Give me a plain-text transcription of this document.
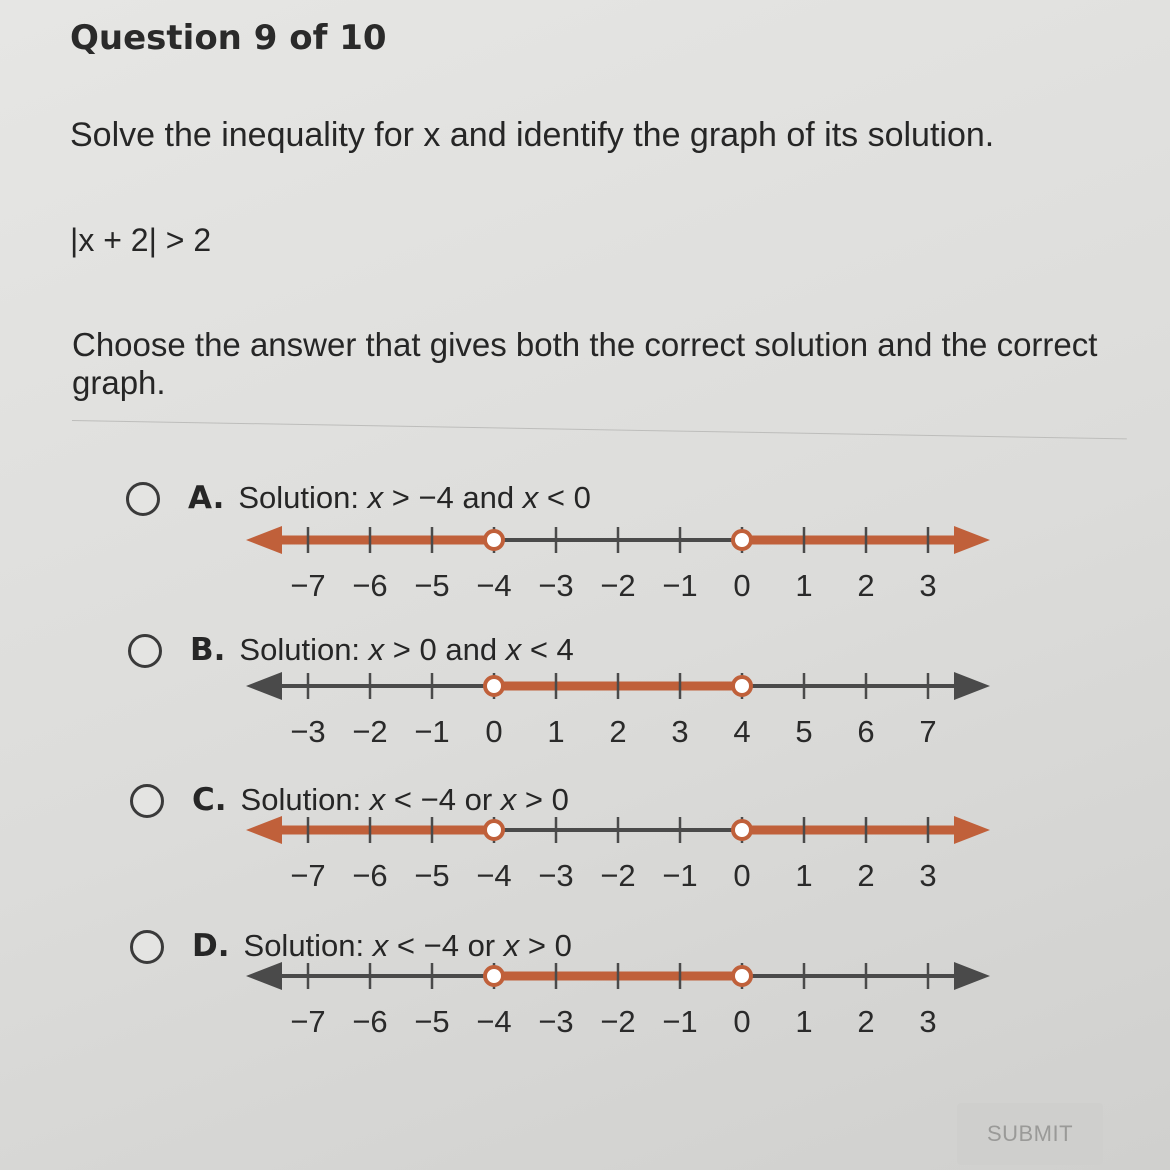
Question 9 of 10
Solve the inequality for x and identify the graph of its solution.
|x + 2| > 2
Choose the answer that gives both the correct solution and the correct graph.
A. Solution: x > −4 and x < 0
−7 −6 −5 −4 −3 −2 −1 0 1 2 3
B. Solution: x > 0 and x < 4
−3 −2 −1 0 1 2 3 4 5 6 7
C. Solution: x < −4 or x > 0
−7 −6 −5 −4 −3 −2 −1 0 1 2 3
D. Solution: x < −4 or x > 0
−7 −6 −5 −4 −3 −2 −1 0 1 2 3
SUBMIT
